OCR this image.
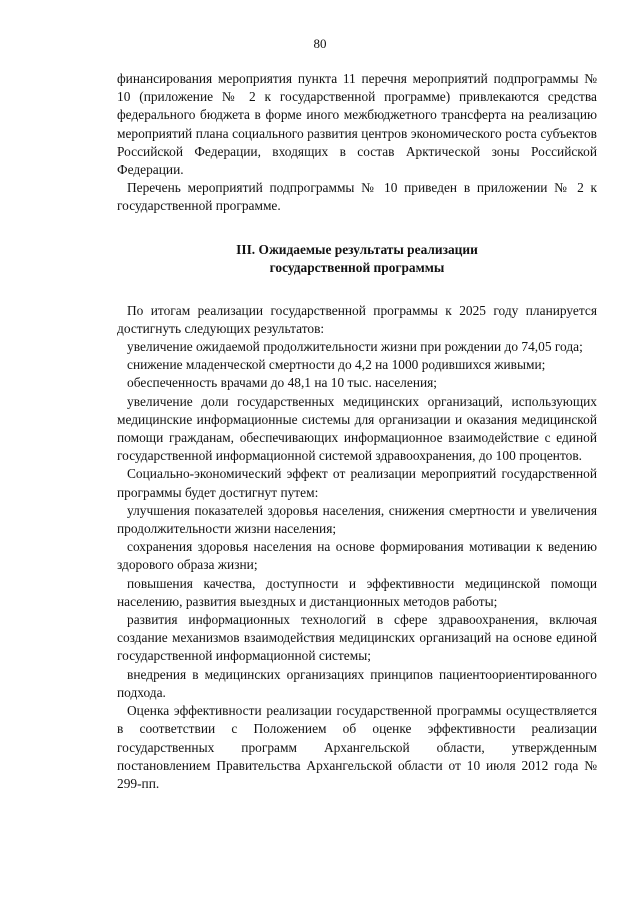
80

финансирования мероприятия пункта 11 перечня мероприятий подпрограммы № 10 (приложение № 2 к государственной программе) привлекаются средства федерального бюджета в форме иного межбюджетного трансферта на реализацию мероприятий плана социального развития центров экономического роста субъектов Российской Федерации, входящих в состав Арктической зоны Российской Федерации.

Перечень мероприятий подпрограммы № 10 приведен в приложении № 2 к государственной программе.

III. Ожидаемые результаты реализации
государственной программы

По итогам реализации государственной программы к 2025 году планируется достигнуть следующих результатов:

увеличение ожидаемой продолжительности жизни при рождении до 74,05 года;

снижение младенческой смертности до 4,2 на 1000 родившихся живыми;

обеспеченность врачами до 48,1 на 10 тыс. населения;

увеличение доли государственных медицинских организаций, использующих медицинские информационные системы для организации и оказания медицинской помощи гражданам, обеспечивающих информационное взаимодействие с единой государственной информационной системой здравоохранения, до 100 процентов.

Социально-экономический эффект от реализации мероприятий государственной программы будет достигнут путем:

улучшения показателей здоровья населения, снижения смертности и увеличения продолжительности жизни населения;

сохранения здоровья населения на основе формирования мотивации к ведению здорового образа жизни;

повышения качества, доступности и эффективности медицинской помощи населению, развития выездных и дистанционных методов работы;

развития информационных технологий в сфере здравоохранения, включая создание механизмов взаимодействия медицинских организаций на основе единой государственной информационной системы;

внедрения в медицинских организациях принципов пациентоориентированного подхода.

Оценка эффективности реализации государственной программы осуществляется в соответствии с Положением об оценке эффективности реализации государственных программ Архангельской области, утвержденным постановлением Правительства Архангельской области от 10 июля 2012 года № 299-пп.
